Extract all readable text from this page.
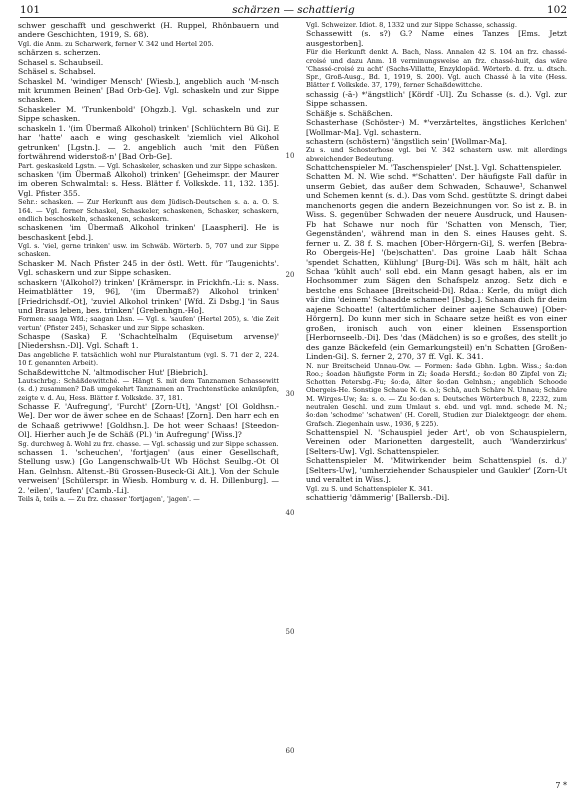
101	schärzen — schattierig	102

schwer geschafft und geschwerkt (H. Ruppel, Rhönbauern und andere Geschichten, 1919, S. 68).

Vgl. die Anm. zu Scharwerk, ferner V. 342 und Hertel 205.

schärzen s. scherzen.

Schasel s. Schaubseil.

Schäsel s. Schabsel.

Schaskel M. 'windiger Mensch' [Wiesb.], angeblich auch 'M-nsch mit krummen Beinen' [Bad Orb-Ge]. Vgl. schaskeln und zur Sippe schasken.

Schaskeler M. 'Trunkenbold' [Ohgzb.]. Vgl. schaskeln und zur Sippe schasken.

schaskeln 1. '(im Übermaß Alkohol) trinken' [Schlüchtern Bü Gi]. E har 'hatte' aach e wing geschaskelt 'ziemlich viel Alkohol getrunken' [Lgstn.]. — 2. angeblich auch 'mit den Füßen fortwährend widerstoß-n' [Bad Orb-Ge].

Part. geskaskeld Lgstn. — Vgl. Schaskeler, schasken und zur Sippe schasken.

schasken '(im Übermaß Alkohol) trinken' [Geheimspr. der Maurer im oberen Schwalmtal: s. Hess. Blätter f. Volkskde. 11, 132. 135]. Vgl. Pfister 355.

Sehr.: schasken. — Zur Herkunft aus dem Jüdisch-Deutschen s. a. a. O. S. 164. — Vgl. ferner Schaskel, Schaskeler, schaskenen, Schasker, schaskern, endlich beschoskeln, schaskenen, schaskern.

schaskenen 'im Übermaß Alkohol trinken' [Laaspheri]. He is beschaskent [ebd.].

Vgl. s. 'viel, gerne trinken' usw. im Schwäb. Wörterb. 5, 707 und zur Sippe schasken.

Schasker M. Nach Pfister 245 in der östl. Wett. für 'Taugenichts'. Vgl. schaskern und zur Sippe schasken.

schaskern '(Alkohol?) trinken' [Krämerspr. in Frickhfn.-Li: s. Nass. Heimatblätter 19, 96], '(im Übermaß?) Alkohol trinken' [Friedrichsdf.-Ot], 'zuviel Alkohol trinken' [Wfd. Zi Dsbg.] 'in Saus und Braus leben, bes. trinken' [Grebenhgn.-Ho].

Formen: saaga Wfd.; saagan Lhsn. — Vgl. s. 'saufen' (Hertel 205), s. 'die Zeit vertun' (Pfister 245), Schasker und zur Sippe schasken.

Schaspe (Saska) F. 'Schachtelhalm (Equisetum arvense)' [Niedershsn.-Dl]. Vgl. Schaft 1.

Das angebliche F. tatsächlich wohl nur Pluralstantum (vgl. S. 71 der 2, 224. 10 f. genannten Arbeit).

Schaßdewittche N. 'altmodischer Hut' [Biebrich].

Lautschrbg.: Schäßdewittché. — Hängt S. mit dem Tanznamen Schassewitt (s. d.) zusammen? Daß umgekehrt Tanznamen an Trachtenstücke anknüpfen, zeigte v. d. Au, Hess. Blätter f. Volkskde. 37, 181.

Schasse F. 'Aufregung', 'Furcht' [Zorn-Ut], 'Angst' [Ol Goldhsn.-We]. Der wor de äwer schee en de Schaas! [Zorn]. Den harr ech en de Schaaß getriwwe! [Goldhsn.]. De hot weer Schaas! [Steedon-Ol]. Hierher auch Je de Schäß (Pl.) 'in Aufregung' [Wiss.]?

Sg. durchweg ā. Wohl zu frz. chasse. — Vgl. schassig und zur Sippe schassen.

schassen 1. 'scheuchen', 'fortjagen' (aus einer Gesellschaft, Stellung usw.) [Go Langenschwalb-Ut Wb Höchst Seulbg.-Ot Ol Han. Gelnhsn. Altenst.-Bü Grossen-Buseck-Gi Alt.]. Von der Schule verweisen' [Schülerspr. in Wiesb. Homburg v. d. H. Dillenburg]. — 2. 'eilen', 'laufen' [Camb.-Li].

Teils ā, teils a. — Zu frz. chasser 'fortjagen', 'jagen'. —

10
20
30
40
50
60

Vgl. Schweizer. Idiot. 8, 1332 und zur Sippe Schasse, schassig.

Schassewitt (s. s?) G.? Name eines Tanzes [Ems. Jetzt ausgestorben].

Für die Herkunft denkt A. Bach, Nass. Annalen 42 S. 104 an frz. chassé-croisé und dazu Anm. 18 verminungsweise an frz. chassé-huit, das wäre 'Chassé-croisé zu acht' (Sachs-Villatte, Enzyklopäd. Wörterb. d. frz. u. dtsch. Spr., Groß-Ausg., Bd. 1, 1919, S. 200). Vgl. auch Chassé à la vite (Hess. Blätter f. Volkskde. 37, 179), ferner Schaßdewittche.

schassig (-ā-) *'ängstlich' [Kördf -Ul]. Zu Schasse (s. d.). Vgl. zur Sippe schassen.

Schäßje s. Schäßchen.

Schasterhase (Schöster-) M. *'verzärteltes, ängstliches Kerlchen' [Wollmar-Ma]. Vgl. schastern.

schastern (schöstern) 'ängstlich sein' [Wollmar-Ma].

Zu s. und Schosterhose vgl. bei V. 342 schastern usw. mit allerdings abweichender Bedeutung.

Schattchenspieler M. 'Taschenspieler' [Nst.]. Vgl. Schattenspieler.

Schatten M. N. Wie schd. *'Schatten'. Der häufigste Fall dafür in unserm Gebiet, das außer dem Schwaden, Schauwe¹, Schanwel und Schemen kennt (s. d.). Das vom Schd. gestützte S. dringt dabei manchenorts gegen die andern Bezeichnungen vor. So ist z. B. in Wiss. S. gegenüber Schwaden der neuere Ausdruck, und Hausen-Fb hat Schawe nur noch für 'Schatten von Mensch, Tier, Gegenständen', während man in den S. eines Hauses geht. S. ferner u. Z. 38 f. S. machen [Ober-Hörgern-Gi], S. werfen [Bebra-Ro Obergeis-He] '(be)schatten'. Das groine Laab hält Schaa 'spendet Schatten, Kühlung' [Burg-Di]. Wäs sch m hält, hält ach Schaa 'kühlt auch' soll ebd. ein Mann gesagt haben, als er im Hochsommer zum Sägen den Schafspelz anzog. Setz dich e bestche ens Schaaee [Breitscheid-Di]. Rdaa.: Kerle, du mügt dich vär dim 'deinem' Schaadde schamee! [Dsbg.]. Schaam dich fir deim aajene Schoatte! (altertümlicher deiner aajene Schauwe) [Ober-Hörgern]. Do kunn mer sich in Schaare setze heißt es von einer großen, ironisch auch von einer kleinen Essensportion [Herbornseelb.-Di]. Des 'das (Mädchen) is so e großes, des stellt jo des ganze Bäckefeld (ein Gemarkungsteil) en'n Schatten [Großen-Linden-Gi]. S. ferner 2, 270, 37 ff. Vgl. K. 341.

N. nur Breitscheid Unnau-Ow. — Formen: šadə Gbhn. Lgbn. Wiss.; šaːdən Roo.; šoadən häufigste Form in Zi; šoadə Hersfd.; šoːdən 80 Zipfel von Zi; Schotten Petersbg.-Fu; šoːdə, älter šoːdən Gelnhsn.; angeblich Schoode Obergeis-He. Sonstige Schaue N. (s. o.); Schā, auch Schäre N. Unnau; Schäre M. Wirges-Uw; šaː s. o. — Zu šoːdən s. Deutsches Wörterbuch 8, 2232, zum neutralen Geschl. und zum Umlaut s. ebd. und vgl. mnd. schede M. N.; šoːdən 'schodme' 'schatwen' (H. Corell, Studien zur Dialektgeogr. der ehem. Grafsch. Ziegenhain usw., 1936, § 225).

Schattenspiel N. 'Schauspiel jeder Art', ob von Schauspielern, Vereinen oder Marionetten dargestellt, auch 'Wanderzirkus' [Selters-Uw]. Vgl. Schattenspieler.

Schattenspieler M. 'Mitwirkender beim Schattenspiel (s. d.)' [Selters-Uw], 'umherziehender Schauspieler und Gaukler' [Zorn-Ut und veraltet in Wiss.].

Vgl. zu S. und Schattenspieler K. 341.

schattierig 'dämmerig' [Ballersb.-Di].

7 *
